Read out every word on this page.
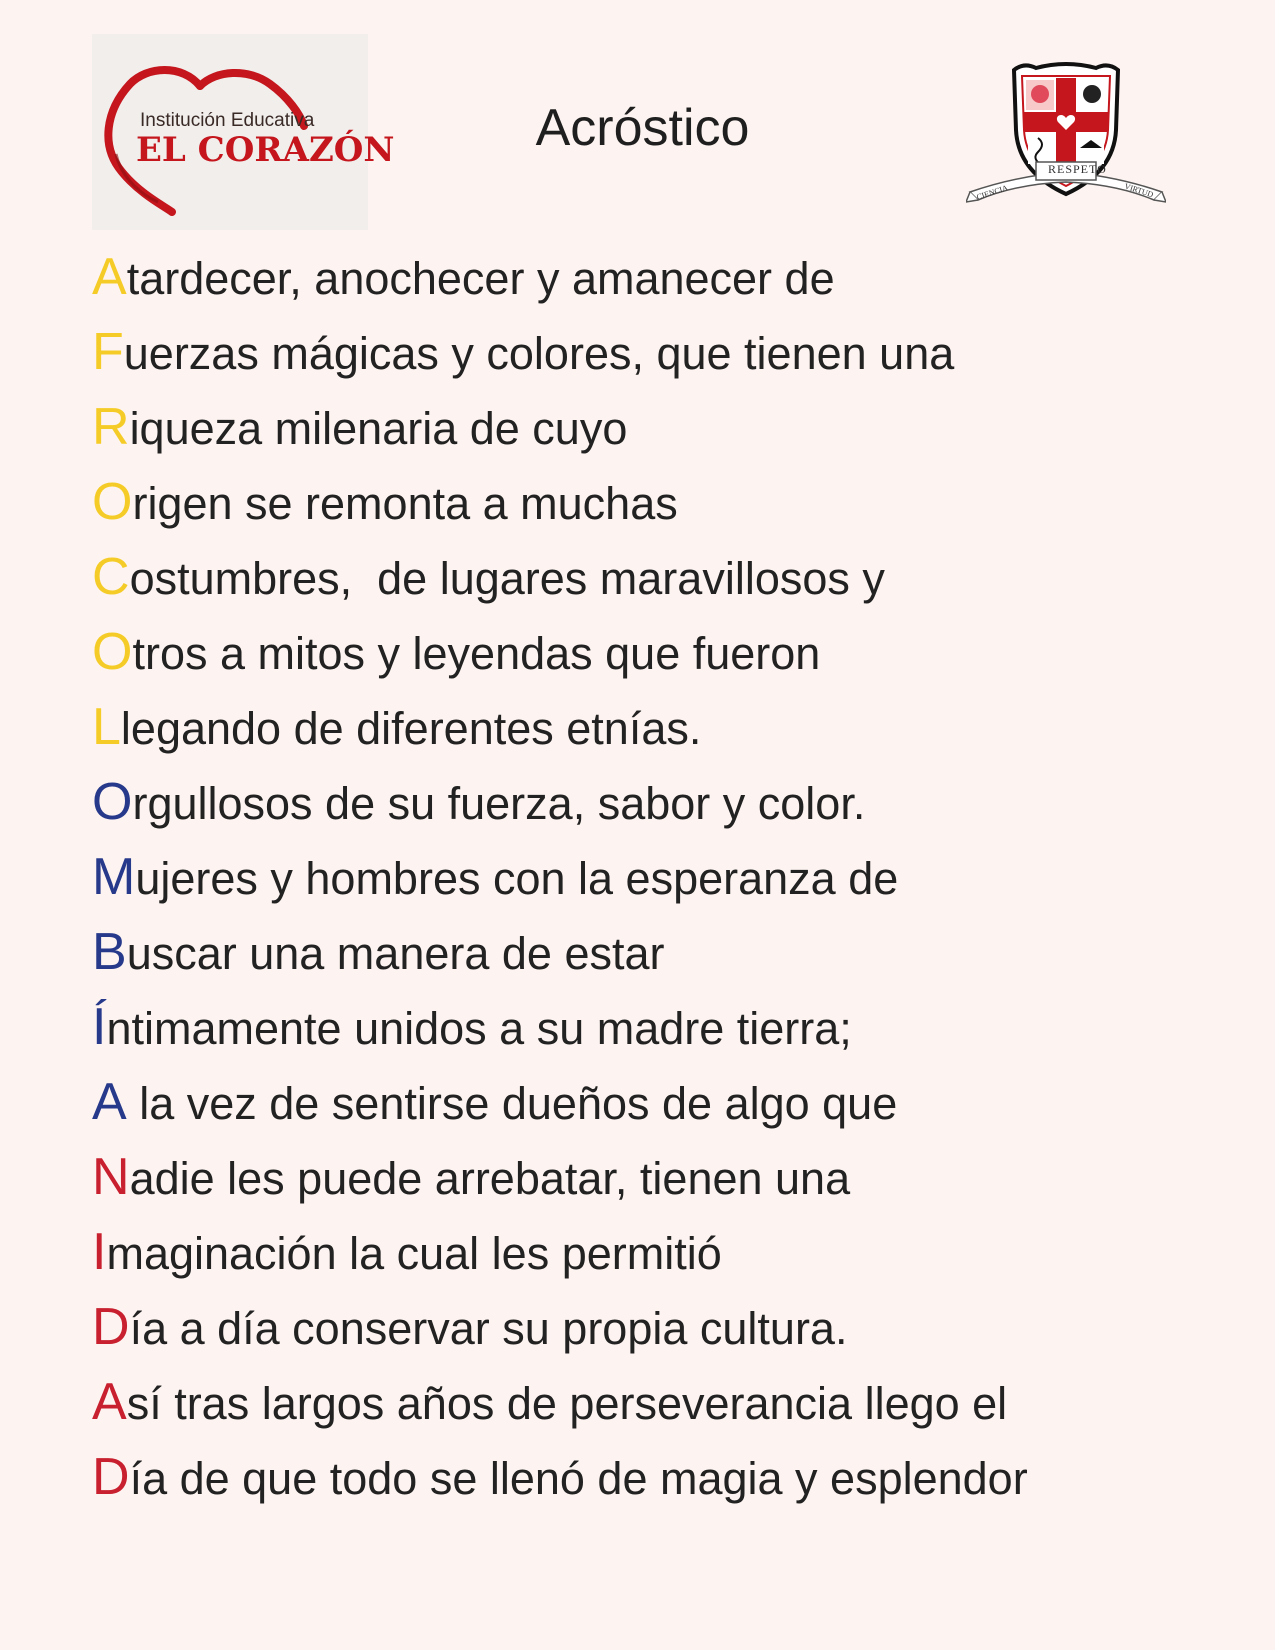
Institución Educativa
EL CORAZÓN	Acróstico
RESPETO
CIENCIA	VIRTUD
Atardecer, anochecer y amanecer de
Fuerzas mágicas y colores, que tienen una
Riqueza milenaria de cuyo
Origen se remonta a muchas
Costumbres,  de lugares maravillosos y
Otros a mitos y leyendas que fueron
Llegando de diferentes etnías.
Orgullosos de su fuerza, sabor y color.
Mujeres y hombres con la esperanza de
Buscar una manera de estar
Íntimamente unidos a su madre tierra;
A la vez de sentirse dueños de algo que
Nadie les puede arrebatar, tienen una
Imaginación la cual les permitió
Día a día conservar su propia cultura.
Así tras largos años de perseverancia llego el
Día de que todo se llenó de magia y esplendor
